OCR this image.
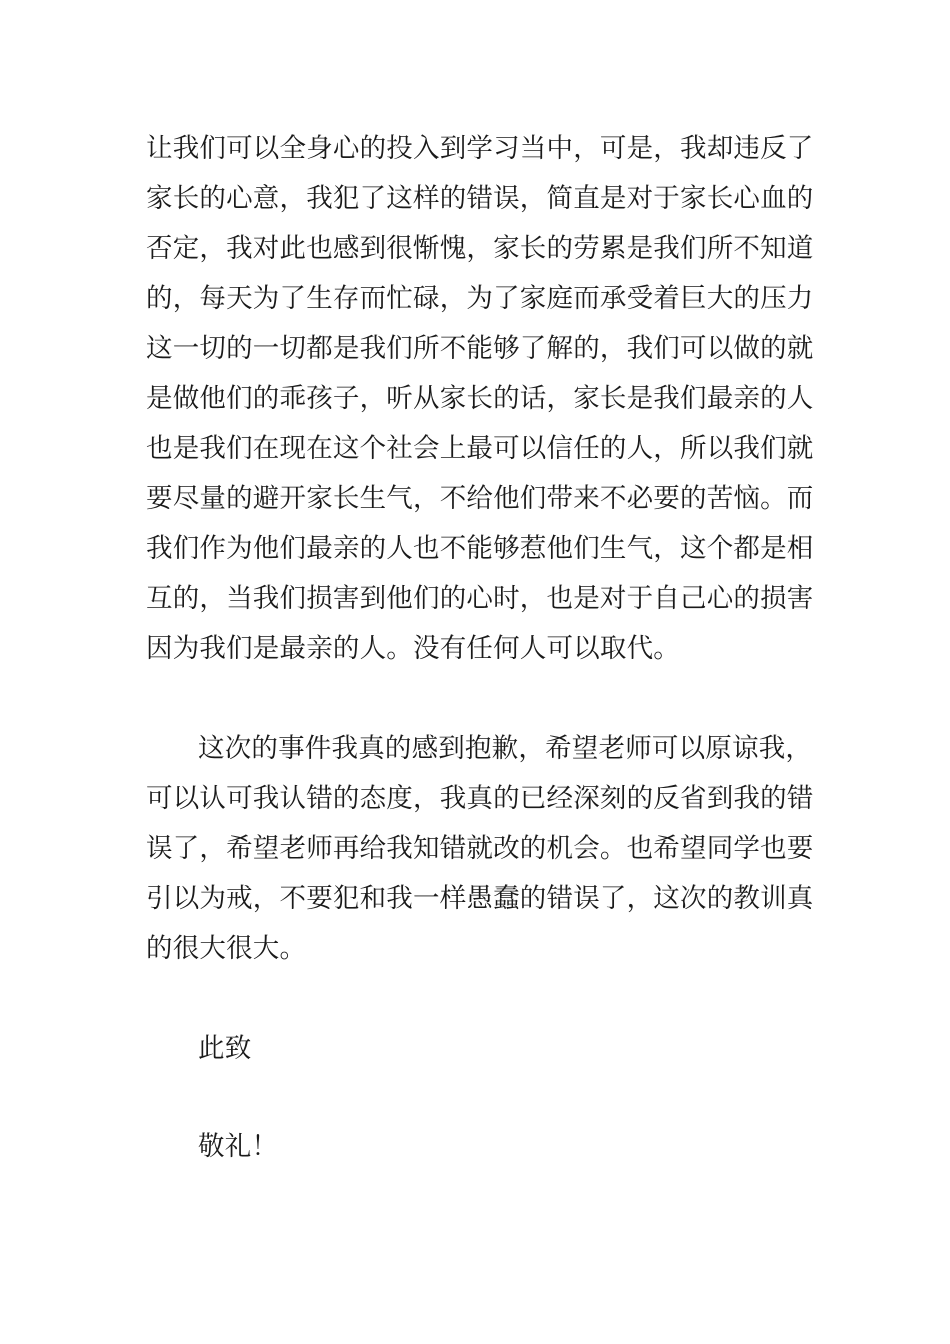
让我们可以全身心的投入到学习当中，可是，我却违反了
家长的心意，我犯了这样的错误，简直是对于家长心血的
否定，我对此也感到很惭愧，家长的劳累是我们所不知道
的，每天为了生存而忙碌，为了家庭而承受着巨大的压力
这一切的一切都是我们所不能够了解的，我们可以做的就
是做他们的乖孩子，听从家长的话，家长是我们最亲的人
也是我们在现在这个社会上最可以信任的人，所以我们就
要尽量的避开家长生气，不给他们带来不必要的苦恼。而
我们作为他们最亲的人也不能够惹他们生气，这个都是相
互的，当我们损害到他们的心时，也是对于自己心的损害
因为我们是最亲的人。没有任何人可以取代。
这次的事件我真的感到抱歉，希望老师可以原谅我，
可以认可我认错的态度，我真的已经深刻的反省到我的错
误了，希望老师再给我知错就改的机会。也希望同学也要
引以为戒，不要犯和我一样愚蠢的错误了，这次的教训真
的很大很大。
此致
敬礼！
